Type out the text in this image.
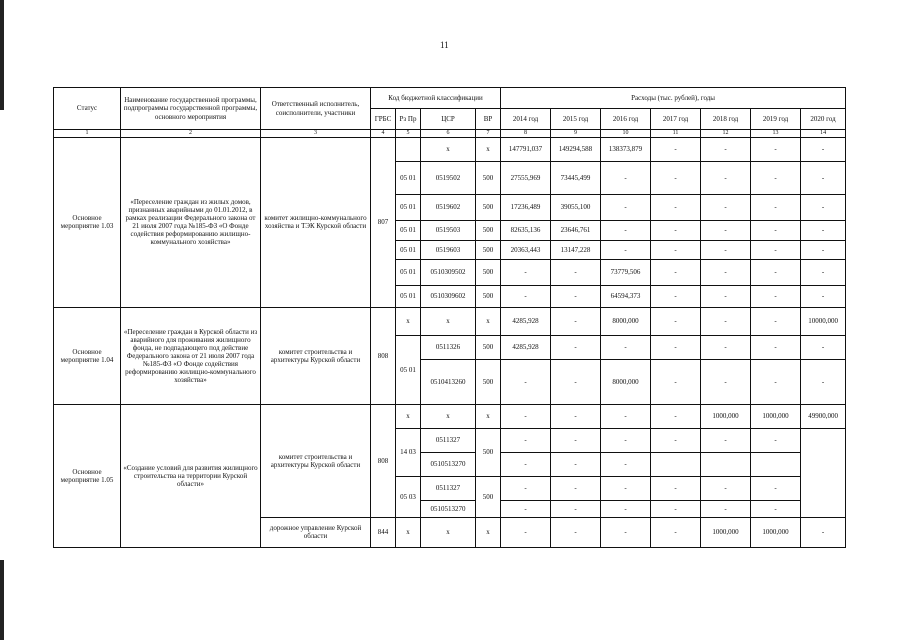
11
Статус	Наименование государственной программы, подпрограммы государственной программы, основного мероприятия	Ответственный исполнитель, соисполнители, участники	Код бюджетной классификации				Расходы (тыс. рублей), годы						
			ГРБС	Рз Пр	ЦСР	ВР	2014 год	2015 год	2016 год	2017 год	2018 год	2019 год	2020 год
1	2	3	4	5	6	7	8	9	10	11	12	13	14
Основное мероприятие 1.03	«Переселение граждан из жилых домов, признанных аварийными до 01.01.2012, в рамках реализации Федерального закона от 21 июля 2007 года №185-ФЗ «О Фонде содействия реформированию жилищно-коммунального хозяйства»	комитет жилищно-коммунального хозяйства и ТЭК Курской области	807		х	х	147791,037	149294,588	138373,879	-	-	-	-
				05 01	0519502	500	27555,969	73445,499	-	-	-	-	-
				05 01	0519602	500	17236,489	39055,100	-	-	-	-	-
				05 01	0519503	500	82635,136	23646,761	-	-	-	-	-
				05 01	0519603	500	20363,443	13147,228	-	-	-	-	-
				05 01	0510309502	500	-	-	73779,506	-	-	-	-
				05 01	0510309602	500	-	-	64594,373	-	-	-	-
Основное мероприятие 1.04	«Переселение граждан в Курской области из аварийного для проживания жилищного фонда, не подпадающего под действие Федерального закона от 21 июля 2007 года №185-ФЗ «О Фонде содействия реформированию жилищно-коммунального хозяйства»	комитет строительства и архитектуры Курской области	808	х	х	х	4285,928	-	8000,000	-	-	-	10000,000
				05 01	0511326	500	4285,928	-	-	-	-	-	-
					0510413260	500	-	-	8000,000	-	-	-	-
Основное мероприятие 1.05	«Создание условий для развития жилищного строительства на территории Курской области»	комитет строительства и архитектуры Курской области	808	х	х	х	-	-	-	-	1000,000	1000,000	49900,000
				14 03	0511327	500	-	-	-	-	-	-	
					0510513270		-	-	-				
				05 03	0511327	500	-	-	-	-	-	-	
					0510513270		-	-	-	-	-	-	
		дорожное управление Курской области	844	х	х	х	-	-	-	-	1000,000	1000,000	-
